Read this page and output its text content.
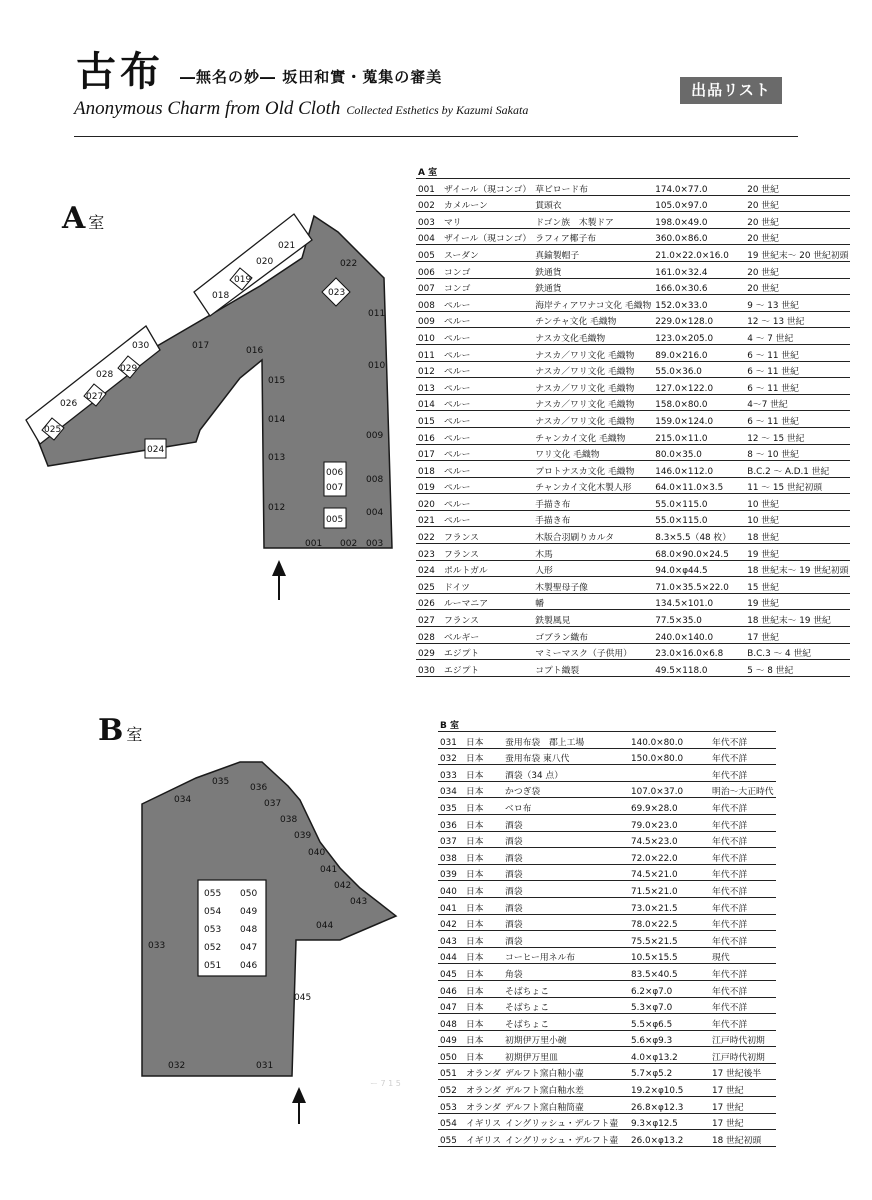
古布 ―無名の妙― 坂田和實・蒐集の審美
Anonymous Charm from Old Cloth Collected Esthetics by Kazumi Sakata
出品リスト
ー 7 1 5
A室
B室
021
020
019
018
022
023
011
010
009
008
004
003
002
001
006
007
005
016
015
014
013
012
017
030
029
028
027
026
025
024
035
034
036
037
038
039
040
041
042
043
044
045
033
032	031
055
054
053
052
051
050
049
048
047
046
A 室				
001	ザイール（現コンゴ）	草ビロード布	174.0×77.0	20 世紀
002	カメルーン	貫頭衣	105.0×97.0	20 世紀
003	マリ	ドゴン族　木製ドア	198.0×49.0	20 世紀
004	ザイール（現コンゴ）	ラフィア椰子布	360.0×86.0	20 世紀
005	スーダン	真鍮製帽子	21.0×22.0×16.0	19 世紀末～ 20 世紀初頭
006	コンゴ	鉄通貨	161.0×32.4	20 世紀
007	コンゴ	鉄通貨	166.0×30.6	20 世紀
008	ペルー	海岸ティアワナコ文化 毛織物	152.0×33.0	9 ～ 13 世紀
009	ペルー	チンチャ文化 毛織物	229.0×128.0	12 ～ 13 世紀
010	ペルー	ナスカ文化毛織物	123.0×205.0	4 ～ 7 世紀
011	ペルー	ナスカ／ワリ文化 毛織物	89.0×216.0	6 ～ 11 世紀
012	ペルー	ナスカ／ワリ文化 毛織物	55.0×36.0	6 ～ 11 世紀
013	ペルー	ナスカ／ワリ文化 毛織物	127.0×122.0	6 ～ 11 世紀
014	ペルー	ナスカ／ワリ文化 毛織物	158.0×80.0	4～7 世紀
015	ペルー	ナスカ／ワリ文化 毛織物	159.0×124.0	6 ～ 11 世紀
016	ペルー	チャンカイ文化 毛織物	215.0×11.0	12 ～ 15 世紀
017	ペルー	ワリ文化 毛織物	80.0×35.0	8 ～ 10 世紀
018	ペルー	プロトナスカ文化 毛織物	146.0×112.0	B.C.2 ～ A.D.1 世紀
019	ペルー	チャンカイ文化木製人形	64.0×11.0×3.5	11 ～ 15 世紀初頭
020	ペルー	手描き布	55.0×115.0	10 世紀
021	ペルー	手描き布	55.0×115.0	10 世紀
022	フランス	木版合羽刷りカルタ	8.3×5.5（48 枚）	18 世紀
023	フランス	木馬	68.0×90.0×24.5	19 世紀
024	ポルトガル	人形	94.0×φ44.5	18 世紀末～ 19 世紀初頭
025	ドイツ	木製聖母子像	71.0×35.5×22.0	15 世紀
026	ルーマニア	幡	134.5×101.0	19 世紀
027	フランス	鉄製風見	77.5×35.0	18 世紀末～ 19 世紀
028	ベルギー	ゴブラン織布	240.0×140.0	17 世紀
029	エジプト	マミーマスク（子供用）	23.0×16.0×6.8	B.C.3 ～ 4 世紀
030	エジプト	コプト織裂	49.5×118.0	5 ～ 8 世紀
B 室				
031	日本	蚕用布袋　郡上工場	140.0×80.0	年代不詳
032	日本	蚕用布袋 東八代	150.0×80.0	年代不詳
033	日本	酒袋（34 点）		年代不詳
034	日本	かつぎ袋	107.0×37.0	明治～大正時代
035	日本	ベロ布	69.9×28.0	年代不詳
036	日本	酒袋	79.0×23.0	年代不詳
037	日本	酒袋	74.5×23.0	年代不詳
038	日本	酒袋	72.0×22.0	年代不詳
039	日本	酒袋	74.5×21.0	年代不詳
040	日本	酒袋	71.5×21.0	年代不詳
041	日本	酒袋	73.0×21.5	年代不詳
042	日本	酒袋	78.0×22.5	年代不詳
043	日本	酒袋	75.5×21.5	年代不詳
044	日本	コーヒー用ネル布	10.5×15.5	現代
045	日本	角袋	83.5×40.5	年代不詳
046	日本	そばちょこ	6.2×φ7.0	年代不詳
047	日本	そばちょこ	5.3×φ7.0	年代不詳
048	日本	そばちょこ	5.5×φ6.5	年代不詳
049	日本	初期伊万里小碗	5.6×φ9.3	江戸時代初期
050	日本	初期伊万里皿	4.0×φ13.2	江戸時代初期
051	オランダ	デルフト窯白釉小壷	5.7×φ5.2	17 世紀後半
052	オランダ	デルフト窯白釉水差	19.2×φ10.5	17 世紀
053	オランダ	デルフト窯白釉筒壷	26.8×φ12.3	17 世紀
054	イギリス	イングリッシュ・デルフト壷	9.3×φ12.5	17 世紀
055	イギリス	イングリッシュ・デルフト壷	26.0×φ13.2	18 世紀初頭
